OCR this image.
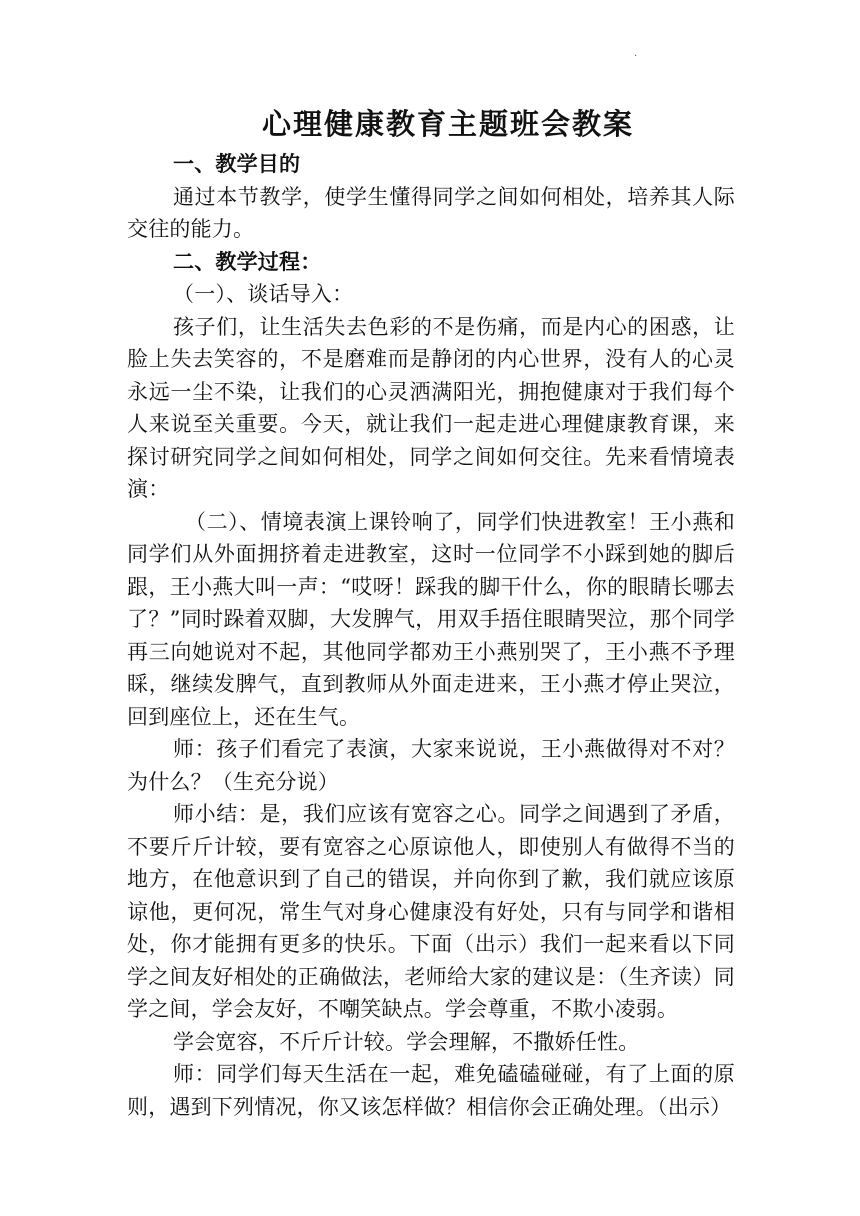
·
心理健康教育主题班会教案

一、教学目的

通过本节教学，使学生懂得同学之间如何相处，培养其人际交往的能力。

二、教学过程：

（一）、谈话导入：

孩子们，让生活失去色彩的不是伤痛，而是内心的困惑，让脸上失去笑容的，不是磨难而是静闭的内心世界，没有人的心灵永远一尘不染，让我们的心灵洒满阳光，拥抱健康对于我们每个人来说至关重要。今天，就让我们一起走进心理健康教育课，来探讨研究同学之间如何相处，同学之间如何交往。先来看情境表演：

（二）、情境表演上课铃响了，同学们快进教室！王小燕和同学们从外面拥挤着走进教室，这时一位同学不小踩到她的脚后跟，王小燕大叫一声：“哎呀！踩我的脚干什么，你的眼睛长哪去了？”同时跺着双脚，大发脾气，用双手捂住眼睛哭泣，那个同学再三向她说对不起，其他同学都劝王小燕别哭了，王小燕不予理睬，继续发脾气，直到教师从外面走进来，王小燕才停止哭泣，回到座位上，还在生气。

师：孩子们看完了表演，大家来说说，王小燕做得对不对？为什么？（生充分说）

师小结：是，我们应该有宽容之心。同学之间遇到了矛盾，不要斤斤计较，要有宽容之心原谅他人，即使别人有做得不当的地方，在他意识到了自己的错误，并向你到了歉，我们就应该原谅他，更何况，常生气对身心健康没有好处，只有与同学和谐相处，你才能拥有更多的快乐。下面（出示）我们一起来看以下同学之间友好相处的正确做法，老师给大家的建议是：（生齐读）同学之间，学会友好，不嘲笑缺点。学会尊重，不欺小凌弱。

学会宽容，不斤斤计较。学会理解，不撒娇任性。

师：同学们每天生活在一起，难免磕磕碰碰，有了上面的原则，遇到下列情况，你又该怎样做？相信你会正确处理。（出示）
